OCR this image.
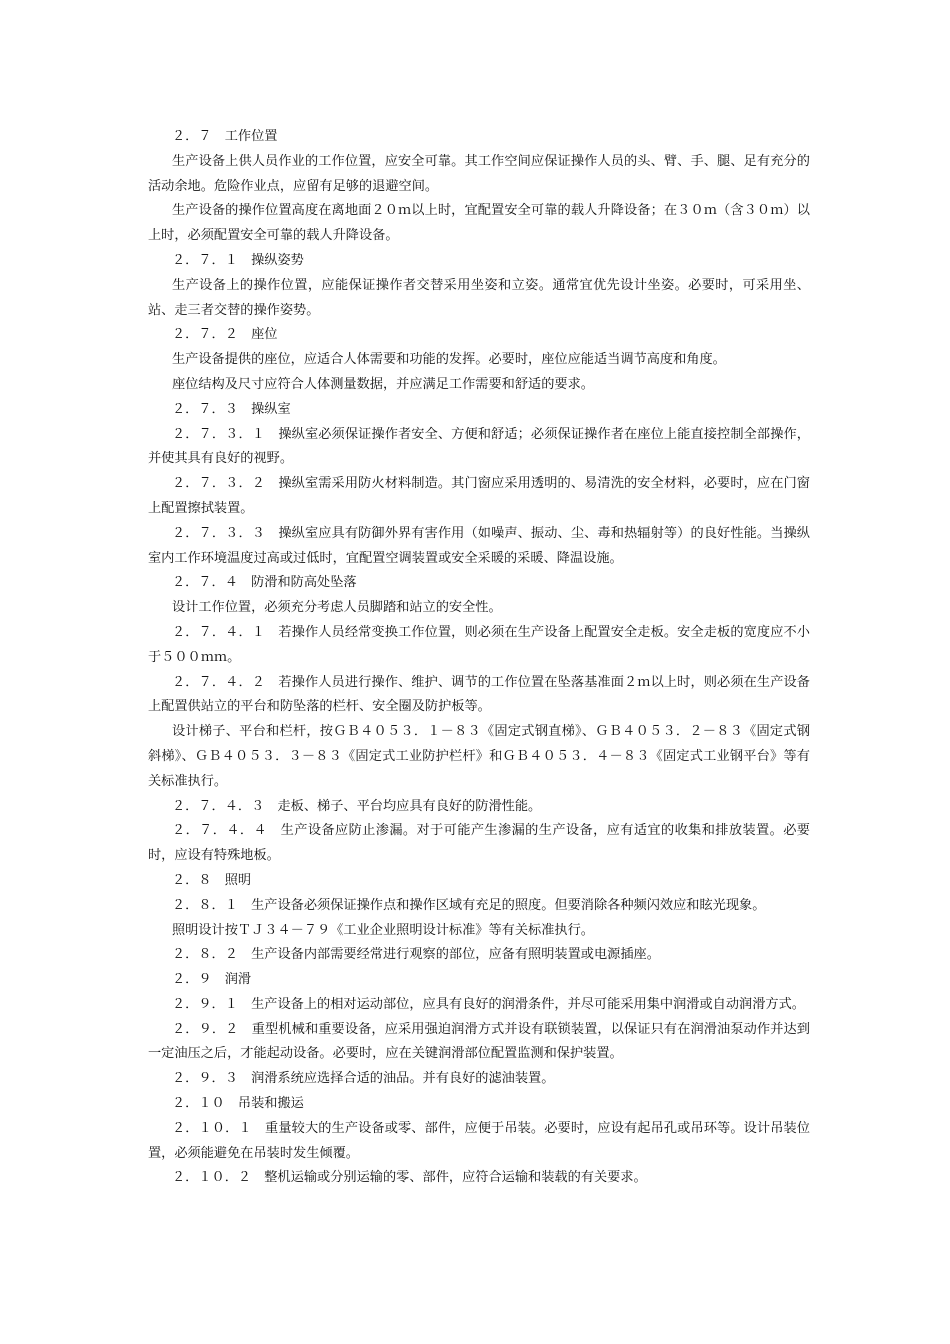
２．７　工作位置

生产设备上供人员作业的工作位置，应安全可靠。其工作空间应保证操作人员的头、臂、手、腿、足有充分的活动余地。危险作业点，应留有足够的退避空间。

生产设备的操作位置高度在离地面２０ｍ以上时，宜配置安全可靠的载人升降设备；在３０ｍ（含３０ｍ）以上时，必须配置安全可靠的载人升降设备。

２．７．１　操纵姿势

生产设备上的操作位置，应能保证操作者交替采用坐姿和立姿。通常宜优先设计坐姿。必要时，可采用坐、站、走三者交替的操作姿势。

２．７．２　座位

生产设备提供的座位，应适合人体需要和功能的发挥。必要时，座位应能适当调节高度和角度。

座位结构及尺寸应符合人体测量数据，并应满足工作需要和舒适的要求。

２．７．３　操纵室

２．７．３．１　操纵室必须保证操作者安全、方便和舒适；必须保证操作者在座位上能直接控制全部操作，并使其具有良好的视野。

２．７．３．２　操纵室需采用防火材料制造。其门窗应采用透明的、易清洗的安全材料，必要时，应在门窗上配置擦拭装置。

２．７．３．３　操纵室应具有防御外界有害作用（如噪声、振动、尘、毒和热辐射等）的良好性能。当操纵室内工作环境温度过高或过低时，宜配置空调装置或安全采暖的采暖、降温设施。

２．７．４　防滑和防高处坠落

设计工作位置，必须充分考虑人员脚踏和站立的安全性。

２．７．４．１　若操作人员经常变换工作位置，则必须在生产设备上配置安全走板。安全走板的宽度应不小于５００ｍｍ。

２．７．４．２　若操作人员进行操作、维护、调节的工作位置在坠落基准面２ｍ以上时，则必须在生产设备上配置供站立的平台和防坠落的栏杆、安全圈及防护板等。

设计梯子、平台和栏杆，按ＧＢ４０５３．１－８３《固定式钢直梯》、ＧＢ４０５３．２－８３《固定式钢斜梯》、ＧＢ４０５３．３－８３《固定式工业防护栏杆》和ＧＢ４０５３．４－８３《固定式工业钢平台》等有关标准执行。

２．７．４．３　走板、梯子、平台均应具有良好的防滑性能。

２．７．４．４　生产设备应防止渗漏。对于可能产生渗漏的生产设备，应有适宜的收集和排放装置。必要时，应设有特殊地板。

２．８　照明

２．８．１　生产设备必须保证操作点和操作区域有充足的照度。但要消除各种频闪效应和眩光现象。

照明设计按ＴＪ３４－７９《工业企业照明设计标准》等有关标准执行。

２．８．２　生产设备内部需要经常进行观察的部位，应备有照明装置或电源插座。

２．９　润滑

２．９．１　生产设备上的相对运动部位，应具有良好的润滑条件，并尽可能采用集中润滑或自动润滑方式。

２．９．２　重型机械和重要设备，应采用强迫润滑方式并设有联锁装置，以保证只有在润滑油泵动作并达到一定油压之后，才能起动设备。必要时，应在关键润滑部位配置监测和保护装置。

２．９．３　润滑系统应选择合适的油品。并有良好的滤油装置。

２．１０　吊装和搬运

２．１０．１　重量较大的生产设备或零、部件，应便于吊装。必要时，应设有起吊孔或吊环等。设计吊装位置，必须能避免在吊装时发生倾覆。

２．１０．２　整机运输或分别运输的零、部件，应符合运输和装载的有关要求。
